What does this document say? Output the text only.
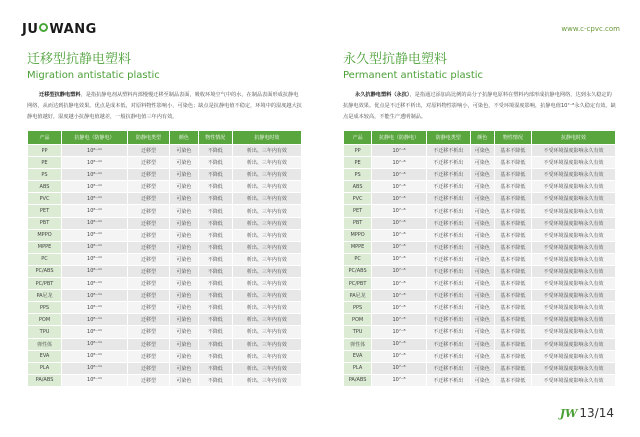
JU WANG	www.c-cpvc.com
迁移型抗静电塑料
Migration antistatic plastic

迁移型抗静电塑料，是指抗静电剂从塑料内部慢慢迁移至制品表面，吸收环境空气中的水，在制品表面形成抗静电网络，从而达到抗静电效果。优点是成本低，对原料物性影响小，可染色；缺点是抗静电值不稳定，环境中的湿度越大抗静电值越好，湿度越小抗静电值越差，一般抗静电值三年内有效。

产品	抗静电（防静电）	防静电类型	颜色	物性情况	抗静电时效
PP	10⁸⁻¹¹	迁移型	可染色	不降低	析出、三年内有效
PE	10⁸⁻¹¹	迁移型	可染色	不降低	析出、三年内有效
PS	10⁸⁻¹¹	迁移型	可染色	不降低	析出、三年内有效
ABS	10⁸⁻¹¹	迁移型	可染色	不降低	析出、三年内有效
PVC	10⁸⁻¹¹	迁移型	可染色	不降低	析出、三年内有效
PET	10⁸⁻¹¹	迁移型	可染色	不降低	析出、三年内有效
PBT	10⁸⁻¹¹	迁移型	可染色	不降低	析出、三年内有效
MPPO	10⁸⁻¹¹	迁移型	可染色	不降低	析出、三年内有效
MPPE	10⁸⁻¹¹	迁移型	可染色	不降低	析出、三年内有效
PC	10⁸⁻¹¹	迁移型	可染色	不降低	析出、三年内有效
PC/ABS	10⁸⁻¹¹	迁移型	可染色	不降低	析出、三年内有效
PC/PBT	10⁸⁻¹¹	迁移型	可染色	不降低	析出、三年内有效
PA尼龙	10⁸⁻¹¹	迁移型	可染色	不降低	析出、三年内有效
PPS	10⁸⁻¹¹	迁移型	可染色	不降低	析出、三年内有效
POM	10⁸⁻¹¹	迁移型	可染色	不降低	析出、三年内有效
TPU	10⁸⁻¹¹	迁移型	可染色	不降低	析出、三年内有效
弹性体	10⁸⁻¹¹	迁移型	可染色	不降低	析出、三年内有效
EVA	10⁸⁻¹¹	迁移型	可染色	不降低	析出、三年内有效
PLA	10⁸⁻¹¹	迁移型	可染色	不降低	析出、三年内有效
PA/ABS	10⁸⁻¹¹	迁移型	可染色	不降低	析出、三年内有效
永久型抗静电塑料
Permanent antistatic plastic

永久抗静电塑料（永抗），是指通过添加高比例的高分子抗静电原料在塑料内部形成抗静电网络，达到永久稳定的抗静电效果。优点是不迁移不析出，对原料物性影响小，可染色，不受环境湿度影响，抗静电值10⁷⁻⁸永久稳定有效。缺点是成本较高，不能生产透明制品。

产品	抗静电（防静电）	防静电类型	颜色	物性情况	抗静电时效
PP	10⁷⁻⁸	不迁移不析出	可染色	基本不降低	不受环境湿度影响永久有效
PE	10⁷⁻⁸	不迁移不析出	可染色	基本不降低	不受环境湿度影响永久有效
PS	10⁷⁻⁸	不迁移不析出	可染色	基本不降低	不受环境湿度影响永久有效
ABS	10⁷⁻⁸	不迁移不析出	可染色	基本不降低	不受环境湿度影响永久有效
PVC	10⁷⁻⁸	不迁移不析出	可染色	基本不降低	不受环境湿度影响永久有效
PET	10⁷⁻⁸	不迁移不析出	可染色	基本不降低	不受环境湿度影响永久有效
PBT	10⁷⁻⁸	不迁移不析出	可染色	基本不降低	不受环境湿度影响永久有效
MPPO	10⁷⁻⁸	不迁移不析出	可染色	基本不降低	不受环境湿度影响永久有效
MPPE	10⁷⁻⁸	不迁移不析出	可染色	基本不降低	不受环境湿度影响永久有效
PC	10⁷⁻⁸	不迁移不析出	可染色	基本不降低	不受环境湿度影响永久有效
PC/ABS	10⁷⁻⁸	不迁移不析出	可染色	基本不降低	不受环境湿度影响永久有效
PC/PBT	10⁷⁻⁸	不迁移不析出	可染色	基本不降低	不受环境湿度影响永久有效
PA尼龙	10⁷⁻⁸	不迁移不析出	可染色	基本不降低	不受环境湿度影响永久有效
PPS	10⁷⁻⁸	不迁移不析出	可染色	基本不降低	不受环境湿度影响永久有效
POM	10⁷⁻⁸	不迁移不析出	可染色	基本不降低	不受环境湿度影响永久有效
TPU	10⁷⁻⁸	不迁移不析出	可染色	基本不降低	不受环境湿度影响永久有效
弹性体	10⁷⁻⁸	不迁移不析出	可染色	基本不降低	不受环境湿度影响永久有效
EVA	10⁷⁻⁸	不迁移不析出	可染色	基本不降低	不受环境湿度影响永久有效
PLA	10⁷⁻⁸	不迁移不析出	可染色	基本不降低	不受环境湿度影响永久有效
PA/ABS	10⁷⁻⁸	不迁移不析出	可染色	基本不降低	不受环境湿度影响永久有效
JW 13/14
